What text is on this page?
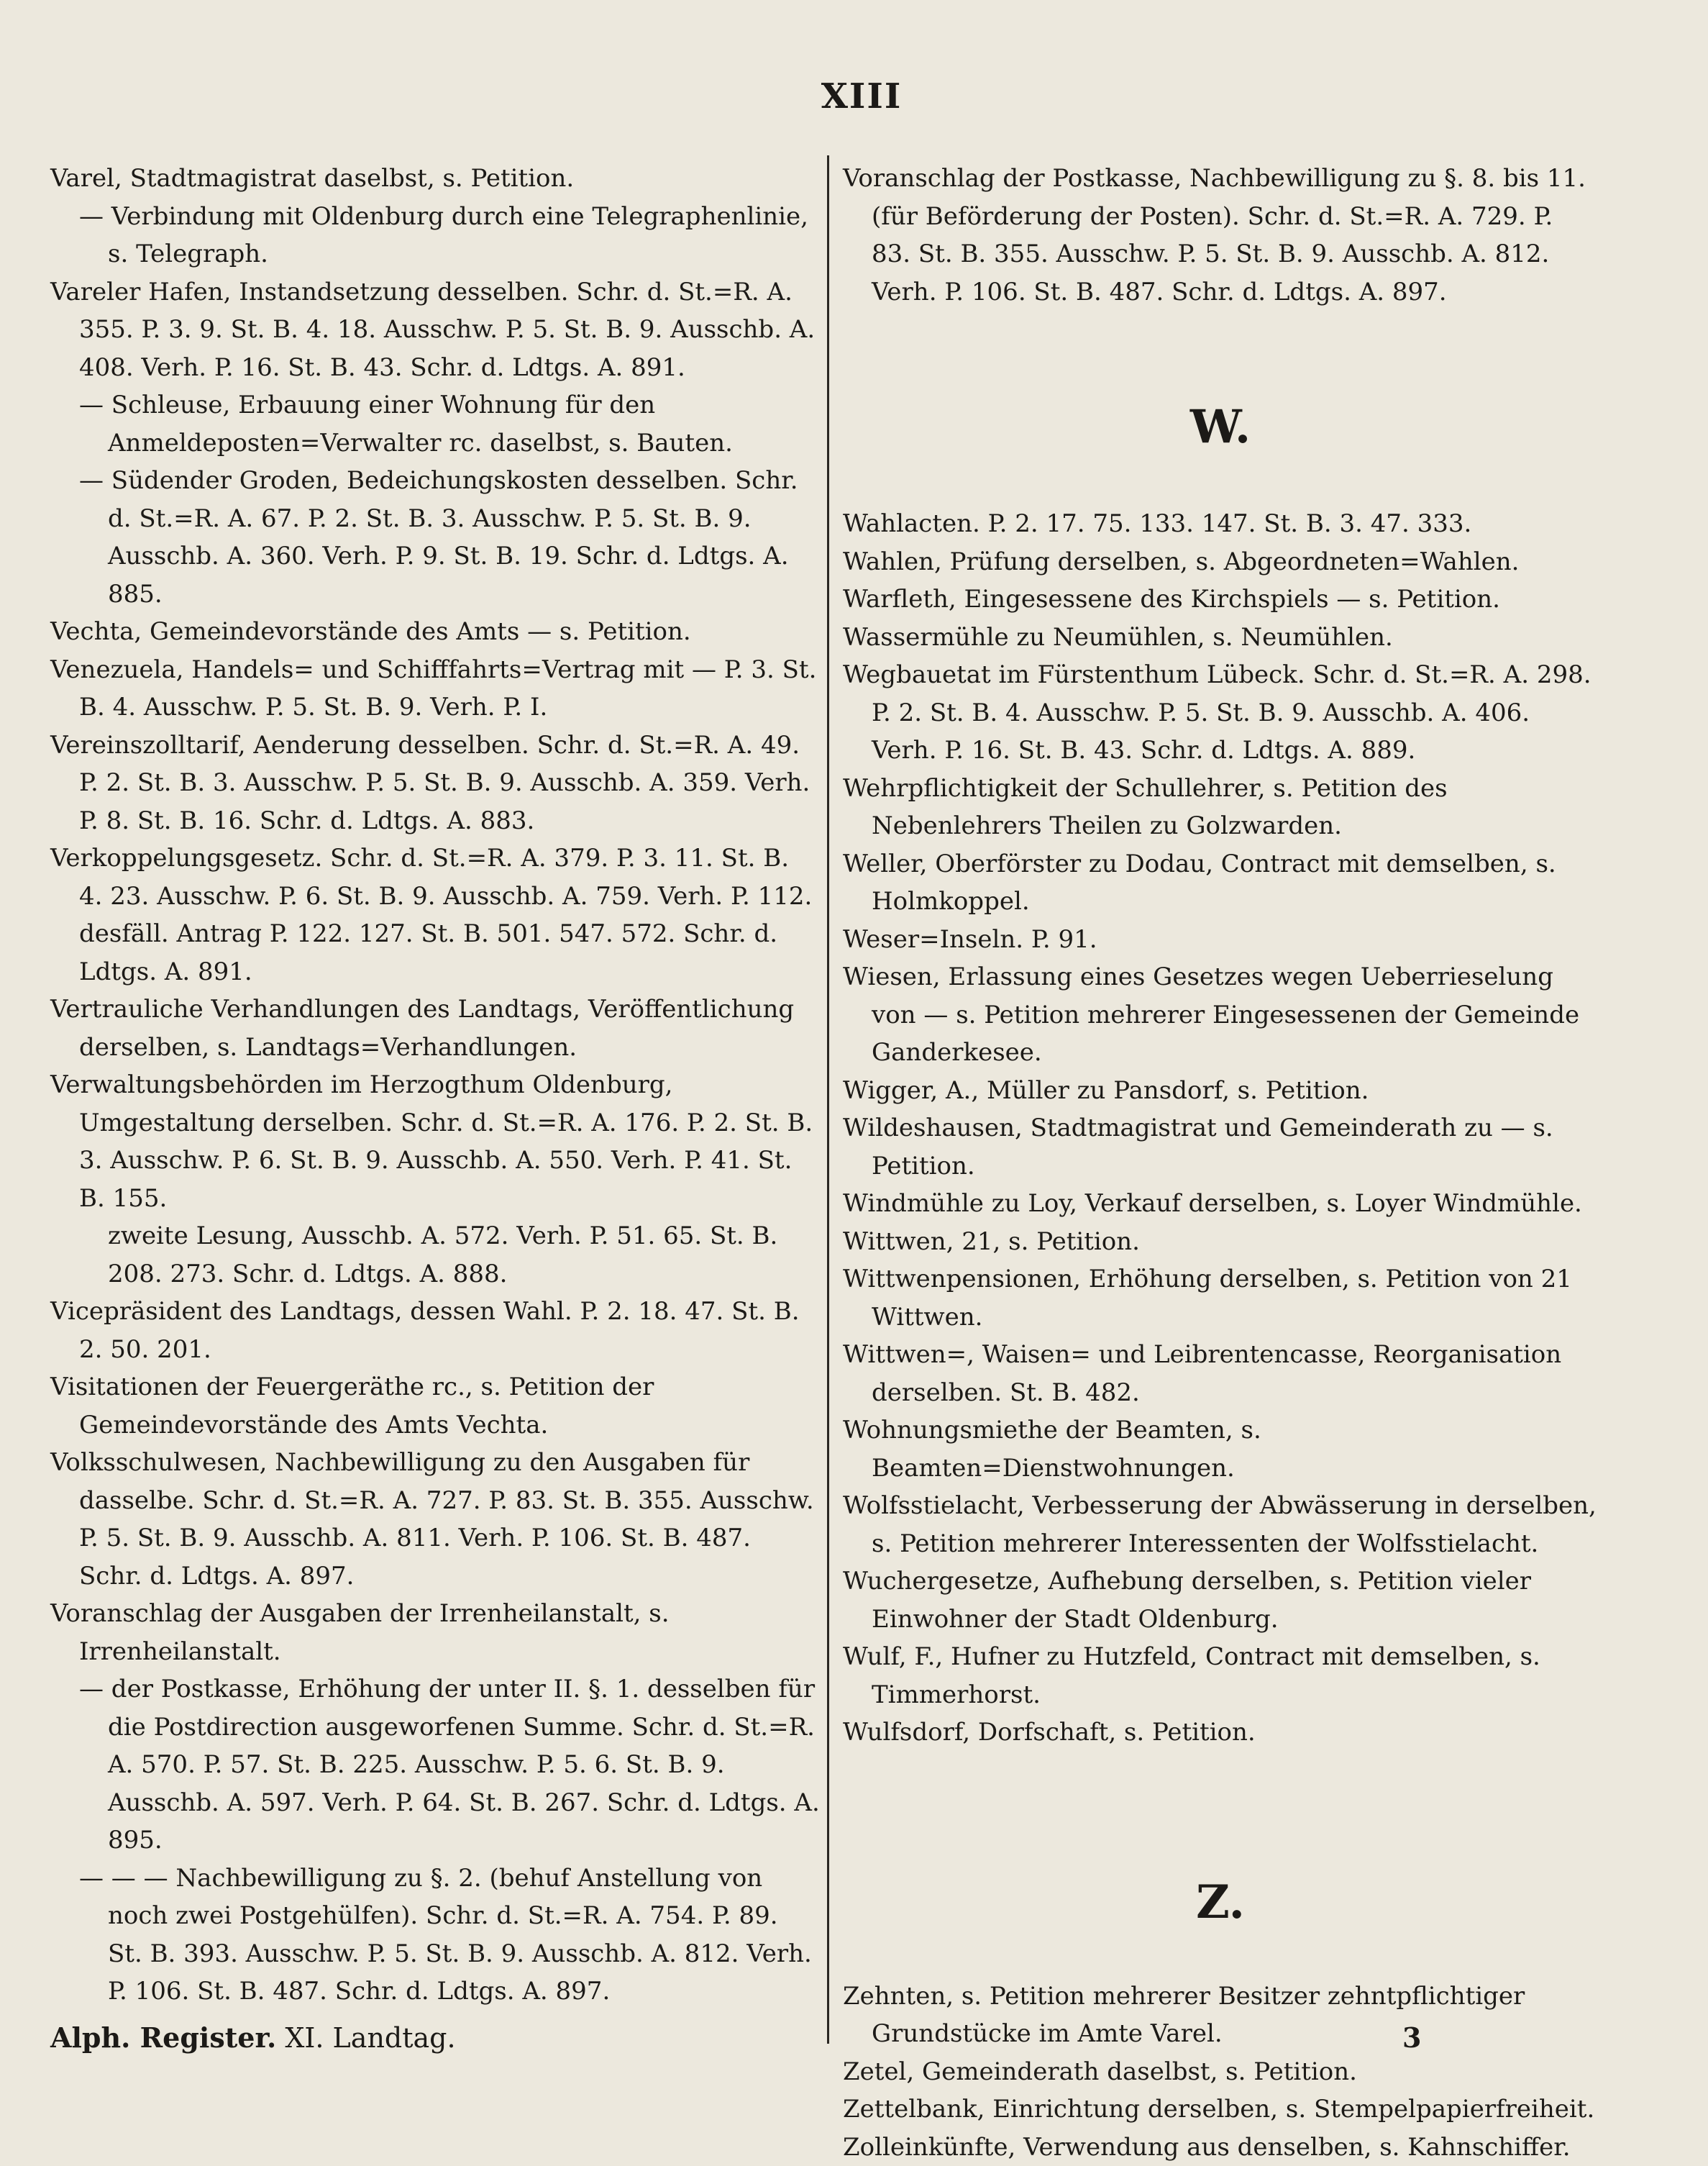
XIII
Varel, Stadtmagistrat daselbst, s. Petition.
— Verbindung mit Oldenburg durch eine Telegraphenlinie, s. Telegraph.
Vareler Hafen, Instandsetzung desselben. Schr. d. St.=R. A. 355. P. 3. 9. St. B. 4. 18. Ausschw. P. 5. St. B. 9. Ausschb. A. 408. Verh. P. 16. St. B. 43. Schr. d. Ldtgs. A. 891.
— Schleuse, Erbauung einer Wohnung für den Anmeldeposten=Verwalter rc. daselbst, s. Bauten.
— Südender Groden, Bedeichungskosten desselben. Schr. d. St.=R. A. 67. P. 2. St. B. 3. Ausschw. P. 5. St. B. 9. Ausschb. A. 360. Verh. P. 9. St. B. 19. Schr. d. Ldtgs. A. 885.
Vechta, Gemeindevorstände des Amts — s. Petition.
Venezuela, Handels= und Schifffahrts=Vertrag mit — P. 3. St. B. 4. Ausschw. P. 5. St. B. 9. Verh. P. I.
Vereinszolltarif, Aenderung desselben. Schr. d. St.=R. A. 49. P. 2. St. B. 3. Ausschw. P. 5. St. B. 9. Ausschb. A. 359. Verh. P. 8. St. B. 16. Schr. d. Ldtgs. A. 883.
Verkoppelungsgesetz. Schr. d. St.=R. A. 379. P. 3. 11. St. B. 4. 23. Ausschw. P. 6. St. B. 9. Ausschb. A. 759. Verh. P. 112. desfäll. Antrag P. 122. 127. St. B. 501. 547. 572. Schr. d. Ldtgs. A. 891.
Vertrauliche Verhandlungen des Landtags, Veröffentlichung derselben, s. Landtags=Verhandlungen.
Verwaltungsbehörden im Herzogthum Oldenburg, Umgestaltung derselben. Schr. d. St.=R. A. 176. P. 2. St. B. 3. Ausschw. P. 6. St. B. 9. Ausschb. A. 550. Verh. P. 41. St. B. 155.
zweite Lesung, Ausschb. A. 572. Verh. P. 51. 65. St. B. 208. 273. Schr. d. Ldtgs. A. 888.
Vicepräsident des Landtags, dessen Wahl. P. 2. 18. 47. St. B. 2. 50. 201.
Visitationen der Feuergeräthe rc., s. Petition der Gemeindevorstände des Amts Vechta.
Volksschulwesen, Nachbewilligung zu den Ausgaben für dasselbe. Schr. d. St.=R. A. 727. P. 83. St. B. 355. Ausschw. P. 5. St. B. 9. Ausschb. A. 811. Verh. P. 106. St. B. 487. Schr. d. Ldtgs. A. 897.
Voranschlag der Ausgaben der Irrenheilanstalt, s. Irrenheilanstalt.
— der Postkasse, Erhöhung der unter II. §. 1. desselben für die Postdirection ausgeworfenen Summe. Schr. d. St.=R. A. 570. P. 57. St. B. 225. Ausschw. P. 5. 6. St. B. 9. Ausschb. A. 597. Verh. P. 64. St. B. 267. Schr. d. Ldtgs. A. 895.
— — — Nachbewilligung zu §. 2. (behuf Anstellung von noch zwei Postgehülfen). Schr. d. St.=R. A. 754. P. 89. St. B. 393. Ausschw. P. 5. St. B. 9. Ausschb. A. 812. Verh. P. 106. St. B. 487. Schr. d. Ldtgs. A. 897.
Voranschlag der Postkasse, Nachbewilligung zu §. 8. bis 11. (für Beförderung der Posten). Schr. d. St.=R. A. 729. P. 83. St. B. 355. Ausschw. P. 5. St. B. 9. Ausschb. A. 812. Verh. P. 106. St. B. 487. Schr. d. Ldtgs. A. 897.
W.
Wahlacten. P. 2. 17. 75. 133. 147. St. B. 3. 47. 333.
Wahlen, Prüfung derselben, s. Abgeordneten=Wahlen.
Warfleth, Eingesessene des Kirchspiels — s. Petition.
Wassermühle zu Neumühlen, s. Neumühlen.
Wegbauetat im Fürstenthum Lübeck. Schr. d. St.=R. A. 298. P. 2. St. B. 4. Ausschw. P. 5. St. B. 9. Ausschb. A. 406. Verh. P. 16. St. B. 43. Schr. d. Ldtgs. A. 889.
Wehrpflichtigkeit der Schullehrer, s. Petition des Nebenlehrers Theilen zu Golzwarden.
Weller, Oberförster zu Dodau, Contract mit demselben, s. Holmkoppel.
Weser=Inseln. P. 91.
Wiesen, Erlassung eines Gesetzes wegen Ueberrieselung von — s. Petition mehrerer Eingesessenen der Gemeinde Ganderkesee.
Wigger, A., Müller zu Pansdorf, s. Petition.
Wildeshausen, Stadtmagistrat und Gemeinderath zu — s. Petition.
Windmühle zu Loy, Verkauf derselben, s. Loyer Windmühle.
Wittwen, 21, s. Petition.
Wittwenpensionen, Erhöhung derselben, s. Petition von 21 Wittwen.
Wittwen=, Waisen= und Leibrentencasse, Reorganisation derselben. St. B. 482.
Wohnungsmiethe der Beamten, s. Beamten=Dienstwohnungen.
Wolfsstielacht, Verbesserung der Abwässerung in derselben, s. Petition mehrerer Interessenten der Wolfsstielacht.
Wuchergesetze, Aufhebung derselben, s. Petition vieler Einwohner der Stadt Oldenburg.
Wulf, F., Hufner zu Hutzfeld, Contract mit demselben, s. Timmerhorst.
Wulfsdorf, Dorfschaft, s. Petition.
Z.
Zehnten, s. Petition mehrerer Besitzer zehntpflichtiger Grundstücke im Amte Varel.
Zetel, Gemeinderath daselbst, s. Petition.
Zettelbank, Einrichtung derselben, s. Stempelpapierfreiheit.
Zolleinkünfte, Verwendung aus denselben, s. Kahnschiffer.
Alph. Register. XI. Landtag.	3
